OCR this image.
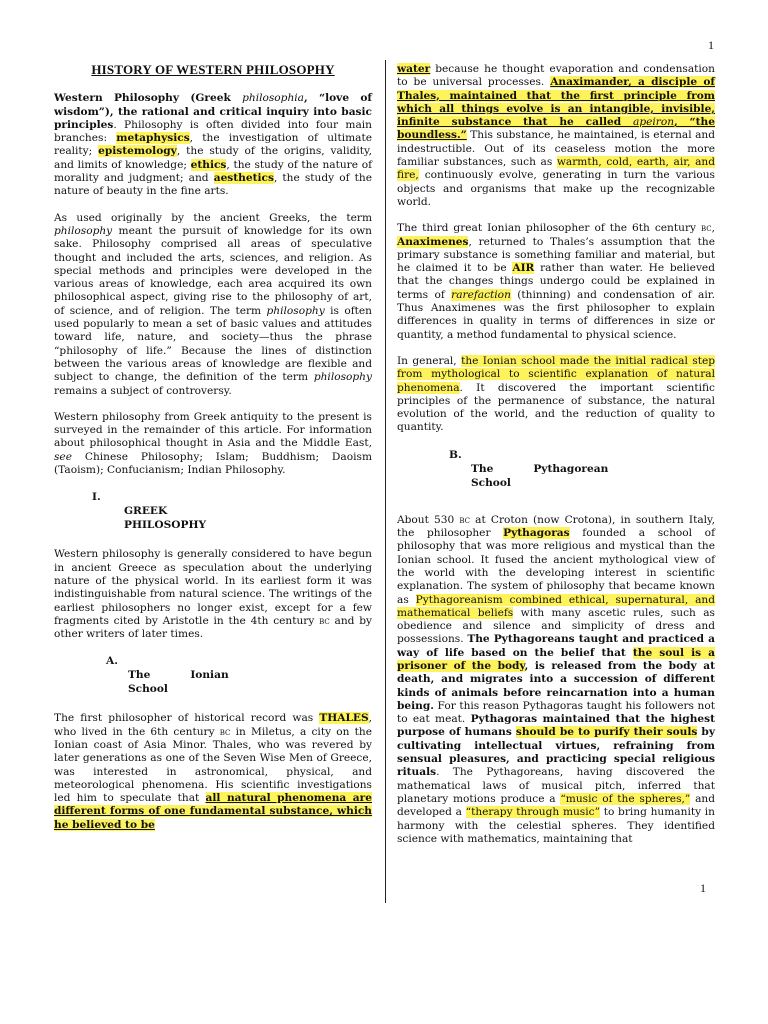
1
HISTORY OF WESTERN PHILOSOPHY

Western Philosophy (Greek philosophia, “love of wisdom”), the rational and critical inquiry into basic principles. Philosophy is often divided into four main branches: metaphysics, the investigation of ultimate reality; epistemology, the study of the origins, validity, and limits of knowledge; ethics, the study of the nature of morality and judgment; and aesthetics, the study of the nature of beauty in the fine arts.

As used originally by the ancient Greeks, the term philosophy meant the pursuit of knowledge for its own sake. Philosophy comprised all areas of speculative thought and included the arts, sciences, and religion. As special methods and principles were developed in the various areas of knowledge, each area acquired its own philosophical aspect, giving rise to the philosophy of art, of science, and of religion. The term philosophy is often used popularly to mean a set of basic values and attitudes toward life, nature, and society—thus the phrase “philosophy of life.” Because the lines of distinction between the various areas of knowledge are flexible and subject to change, the definition of the term philosophy remains a subject of controversy.

Western philosophy from Greek antiquity to the present is surveyed in the remainder of this article. For information about philosophical thought in Asia and the Middle East, see Chinese Philosophy; Islam; Buddhism; Daoism (Taoism); Confucianism; Indian Philosophy.

I.
GREEK PHILOSOPHY

Western philosophy is generally considered to have begun in ancient Greece as speculation about the underlying nature of the physical world. In its earliest form it was indistinguishable from natural science. The writings of the earliest philosophers no longer exist, except for a few fragments cited by Aristotle in the 4th century bc and by other writers of later times.

A.
The	Ionian
School

The first philosopher of historical record was THALES, who lived in the 6th century bc in Miletus, a city on the Ionian coast of Asia Minor. Thales, who was revered by later generations as one of the Seven Wise Men of Greece, was interested in astronomical, physical, and meteorological phenomena. His scientific investigations led him to speculate that all natural phenomena are different forms of one fundamental substance, which he believed to be

water because he thought evaporation and condensation to be universal processes. Anaximander, a disciple of Thales, maintained that the first principle from which all things evolve is an intangible, invisible, infinite substance that he called apeiron, “the boundless.” This substance, he maintained, is eternal and indestructible. Out of its ceaseless motion the more familiar substances, such as warmth, cold, earth, air, and fire, continuously evolve, generating in turn the various objects and organisms that make up the recognizable world.

The third great Ionian philosopher of the 6th century bc, Anaximenes, returned to Thales’s assumption that the primary substance is something familiar and material, but he claimed it to be AIR rather than water. He believed that the changes things undergo could be explained in terms of rarefaction (thinning) and condensation of air. Thus Anaximenes was the first philosopher to explain differences in quality in terms of differences in size or quantity, a method fundamental to physical science.

In general, the Ionian school made the initial radical step from mythological to scientific explanation of natural phenomena. It discovered the important scientific principles of the permanence of substance, the natural evolution of the world, and the reduction of quality to quantity.

B.
The	Pythagorean
School

About 530 bc at Croton (now Crotona), in southern Italy, the philosopher Pythagoras founded a school of philosophy that was more religious and mystical than the Ionian school. It fused the ancient mythological view of the world with the developing interest in scientific explanation. The system of philosophy that became known as Pythagoreanism combined ethical, supernatural, and mathematical beliefs with many ascetic rules, such as obedience and silence and simplicity of dress and possessions. The Pythagoreans taught and practiced a way of life based on the belief that the soul is a prisoner of the body, is released from the body at death, and migrates into a succession of different kinds of animals before reincarnation into a human being. For this reason Pythagoras taught his followers not to eat meat. Pythagoras maintained that the highest purpose of humans should be to purify their souls by cultivating intellectual virtues, refraining from sensual pleasures, and practicing special religious rituals. The Pythagoreans, having discovered the mathematical laws of musical pitch, inferred that planetary motions produce a “music of the spheres,” and developed a “therapy through music” to bring humanity in harmony with the celestial spheres. They identified science with mathematics, maintaining that

1
